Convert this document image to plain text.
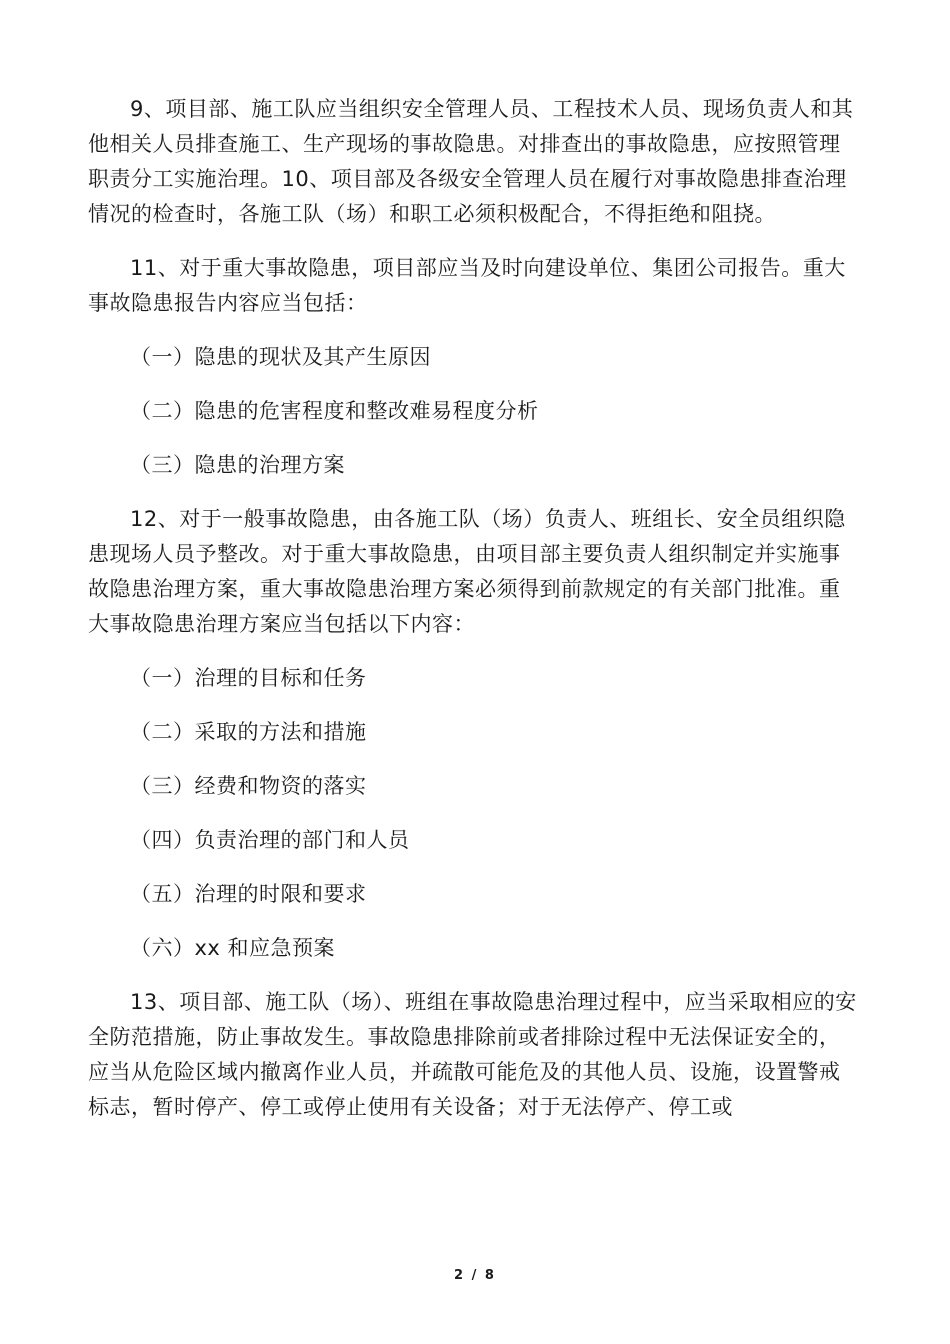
9、项目部、施工队应当组织安全管理人员、工程技术人员、现场负责人和其他相关人员排查施工、生产现场的事故隐患。对排查出的事故隐患，应按照管理职责分工实施治理。10、项目部及各级安全管理人员在履行对事故隐患排查治理情况的检查时，各施工队（场）和职工必须积极配合，不得拒绝和阻挠。

11、对于重大事故隐患，项目部应当及时向建设单位、集团公司报告。重大事故隐患报告内容应当包括：

（一）隐患的现状及其产生原因

（二）隐患的危害程度和整改难易程度分析

（三）隐患的治理方案

12、对于一般事故隐患，由各施工队（场）负责人、班组长、安全员组织隐患现场人员予整改。对于重大事故隐患，由项目部主要负责人组织制定并实施事故隐患治理方案，重大事故隐患治理方案必须得到前款规定的有关部门批准。重大事故隐患治理方案应当包括以下内容：

（一）治理的目标和任务

（二）采取的方法和措施

（三）经费和物资的落实

（四）负责治理的部门和人员

（五）治理的时限和要求

（六）xx 和应急预案

13、项目部、施工队（场）、班组在事故隐患治理过程中，应当采取相应的安全防范措施，防止事故发生。事故隐患排除前或者排除过程中无法保证安全的，应当从危险区域内撤离作业人员，并疏散可能危及的其他人员、设施，设置警戒标志，暂时停产、停工或停止使用有关设备；对于无法停产、停工或

2 / 8
